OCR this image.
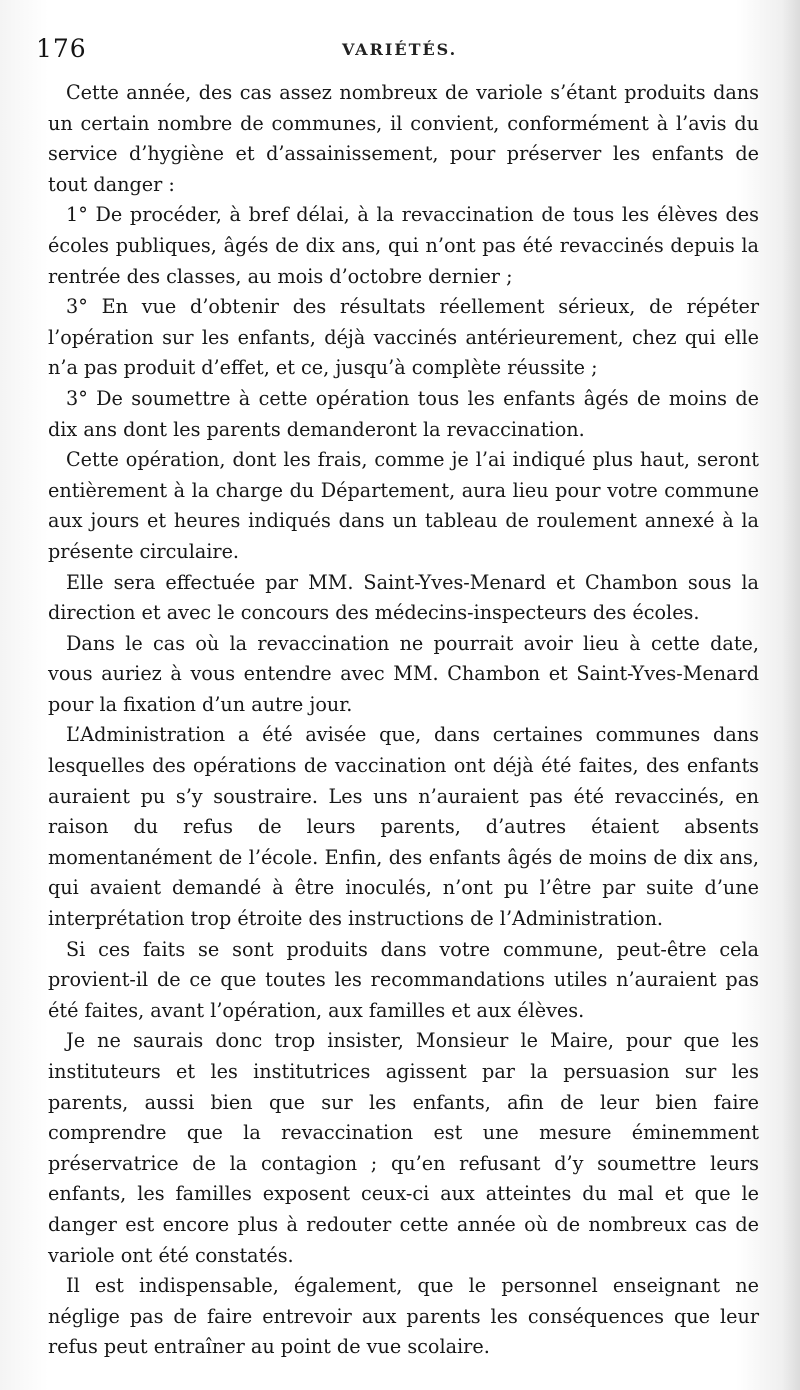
176	VARIÉTÉS.

Cette année, des cas assez nombreux de variole s’étant produits dans un certain nombre de communes, il convient, conformément à l’avis du service d’hygiène et d’assainissement, pour préserver les enfants de tout danger :

1° De procéder, à bref délai, à la revaccination de tous les élèves des écoles publiques, âgés de dix ans, qui n’ont pas été revaccinés depuis la rentrée des classes, au mois d’octobre dernier ;

3° En vue d’obtenir des résultats réellement sérieux, de répéter l’opération sur les enfants, déjà vaccinés antérieurement, chez qui elle n’a pas produit d’effet, et ce, jusqu’à complète réussite ;

3° De soumettre à cette opération tous les enfants âgés de moins de dix ans dont les parents demanderont la revaccination.

Cette opération, dont les frais, comme je l’ai indiqué plus haut, seront entièrement à la charge du Département, aura lieu pour votre commune aux jours et heures indiqués dans un tableau de roulement annexé à la présente circulaire.

Elle sera effectuée par MM. Saint-Yves-Menard et Chambon sous la direction et avec le concours des médecins-inspecteurs des écoles.

Dans le cas où la revaccination ne pourrait avoir lieu à cette date, vous auriez à vous entendre avec MM. Chambon et Saint-Yves-Menard pour la fixation d’un autre jour.

L’Administration a été avisée que, dans certaines communes dans lesquelles des opérations de vaccination ont déjà été faites, des enfants auraient pu s’y soustraire. Les uns n’auraient pas été revaccinés, en raison du refus de leurs parents, d’autres étaient absents momentanément de l’école. Enfin, des enfants âgés de moins de dix ans, qui avaient demandé à être inoculés, n’ont pu l’être par suite d’une interprétation trop étroite des instructions de l’Administration.

Si ces faits se sont produits dans votre commune, peut-être cela provient-il de ce que toutes les recommandations utiles n’auraient pas été faites, avant l’opération, aux familles et aux élèves.

Je ne saurais donc trop insister, Monsieur le Maire, pour que les instituteurs et les institutrices agissent par la persuasion sur les parents, aussi bien que sur les enfants, afin de leur bien faire comprendre que la revaccination est une mesure éminemment préservatrice de la contagion ; qu’en refusant d’y soumettre leurs enfants, les familles exposent ceux-ci aux atteintes du mal et que le danger est encore plus à redouter cette année où de nombreux cas de variole ont été constatés.

Il est indispensable, également, que le personnel enseignant ne néglige pas de faire entrevoir aux parents les conséquences que leur refus peut entraîner au point de vue scolaire.
